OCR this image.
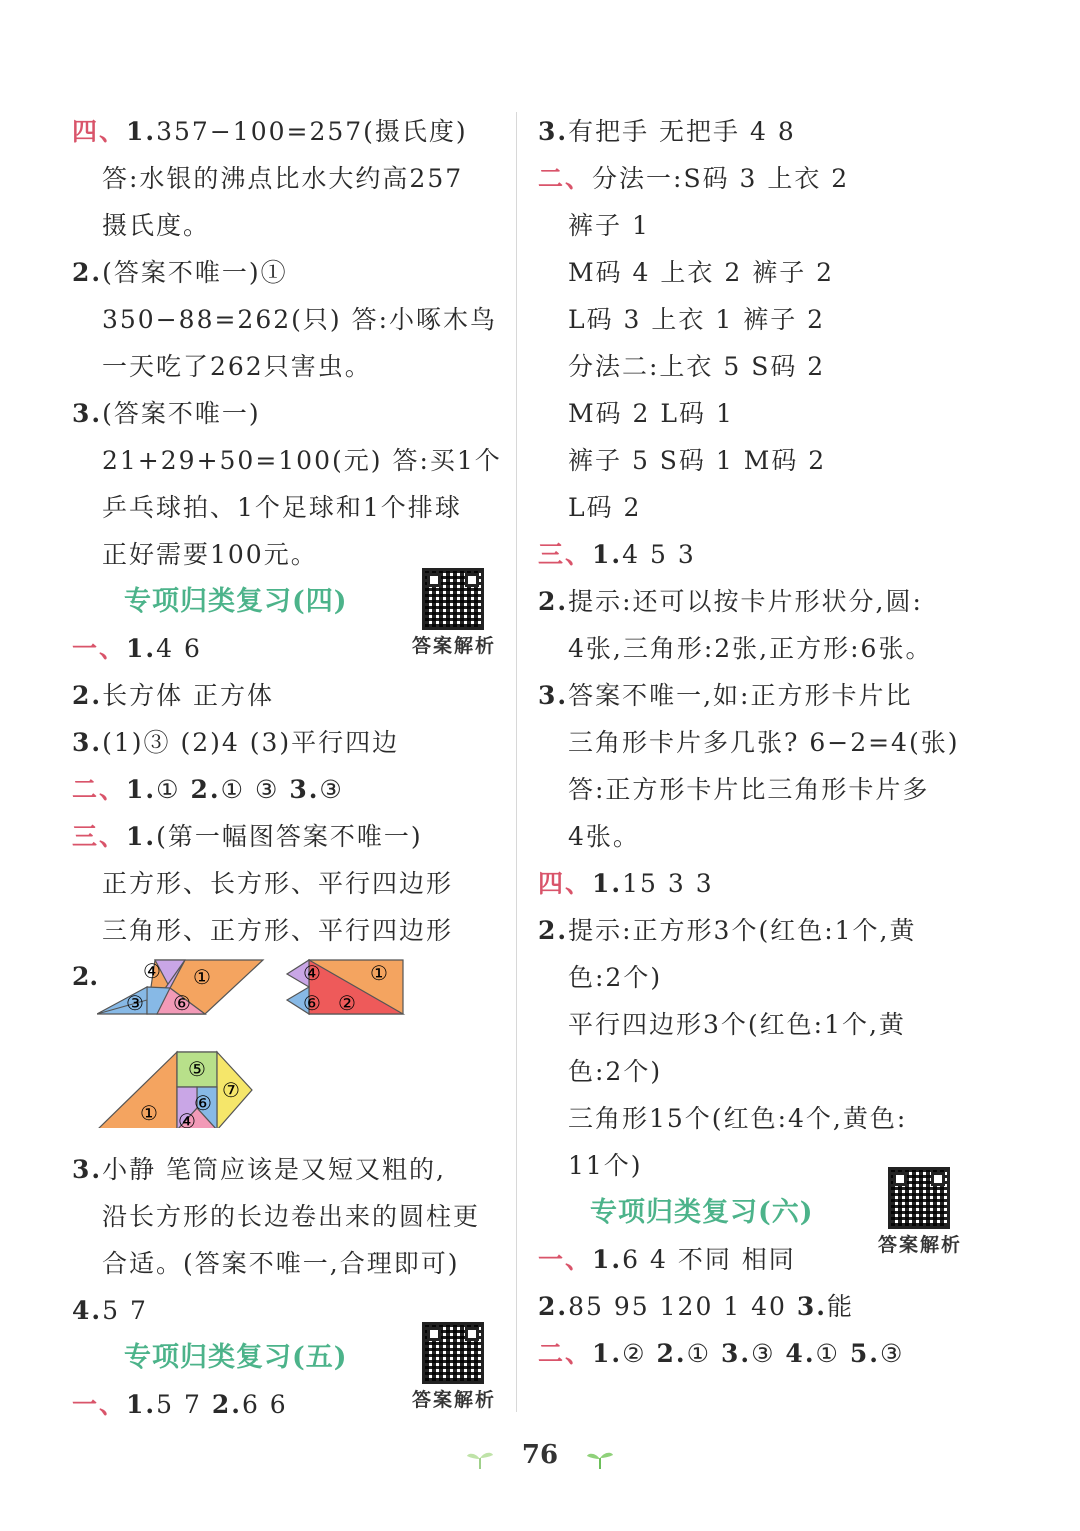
四、1.357−100=257(摄氏度)
答:水银的沸点比水大约高257
摄氏度。
2.(答案不唯一)①
350−88=262(只) 答:小啄木鸟
一天吃了262只害虫。
3.(答案不唯一)
21+29+50=100(元) 答:买1个
乒乓球拍、1个足球和1个排球
正好需要100元。
专项归类复习(四)
答案解析
一、1.4 6
2.长方体 正方体
3.(1)③ (2)4 (3)平行四边
二、1.① 2.① ③ 3.③
三、1.(第一幅图答案不唯一)
正方形、长方形、平行四边形
三角形、正方形、平行四边形
2. ④ ①
③ ⑥
④ ①
⑥ ②
⑤
⑦
① ⑥
④
3.小静 笔筒应该是又短又粗的,
沿长方形的长边卷出来的圆柱更
合适。(答案不唯一,合理即可)
4.5 7
专项归类复习(五)
答案解析
一、1.5 7 2.6 6
3.有把手 无把手 4 8
二、分法一:S码 3 上衣 2
裤子 1
M码 4 上衣 2 裤子 2
L码 3 上衣 1 裤子 2
分法二:上衣 5 S码 2
M码 2 L码 1
裤子 5 S码 1 M码 2
L码 2
三、1.4 5 3
2.提示:还可以按卡片形状分,圆:
4张,三角形:2张,正方形:6张。
3.答案不唯一,如:正方形卡片比
三角形卡片多几张? 6−2=4(张)
答:正方形卡片比三角形卡片多
4张。
四、1.15 3 3
2.提示:正方形3个(红色:1个,黄
色:2个)
平行四边形3个(红色:1个,黄
色:2个)
三角形15个(红色:4个,黄色:
11个)
专项归类复习(六)
答案解析
一、1.6 4 不同 相同
2.85 95 120 1 40 3.能
二、1.② 2.① 3.③ 4.① 5.③
76
